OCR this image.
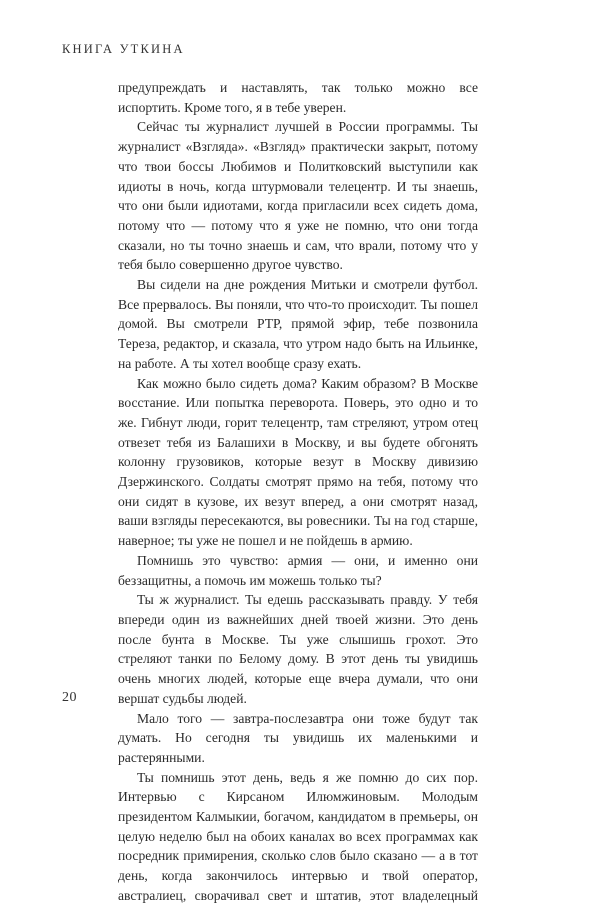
КНИГА УТКИНА

предупреждать и наставлять, так только можно все испортить. Кроме того, я в тебе уверен.

Сейчас ты журналист лучшей в России программы. Ты журналист «Взгляда». «Взгляд» практически закрыт, потому что твои боссы Любимов и Политковский выступили как идиоты в ночь, когда штурмовали телецентр. И ты знаешь, что они были идиотами, когда пригласили всех сидеть дома, потому что — потому что я уже не помню, что они тогда сказали, но ты точно знаешь и сам, что врали, потому что у тебя было совершенно другое чувство.

Вы сидели на дне рождения Митьки и смотрели футбол. Все прервалось. Вы поняли, что что-то происходит. Ты пошел домой. Вы смотрели РТР, прямой эфир, тебе позвонила Тереза, редактор, и сказала, что утром надо быть на Ильинке, на работе. А ты хотел вообще сразу ехать.

Как можно было сидеть дома? Каким образом? В Москве восстание. Или попытка переворота. Поверь, это одно и то же. Гибнут люди, горит телецентр, там стреляют, утром отец отвезет тебя из Балашихи в Москву, и вы будете обгонять колонну грузовиков, которые везут в Москву дивизию Дзержинского. Солдаты смотрят прямо на тебя, потому что они сидят в кузове, их везут вперед, а они смотрят назад, ваши взгляды пересекаются, вы ровесники. Ты на год старше, наверное; ты уже не пошел и не пойдешь в армию.

Помнишь это чувство: армия — они, и именно они беззащитны, а помочь им можешь только ты?

Ты ж журналист. Ты едешь рассказывать правду. У тебя впереди один из важнейших дней твоей жизни. Это день после бунта в Москве. Ты уже слышишь грохот. Это стреляют танки по Белому дому. В этот день ты увидишь очень многих людей, которые еще вчера думали, что они вершат судьбы людей.

Мало того — завтра-послезавтра они тоже будут так думать. Но сегодня ты увидишь их маленькими и растерянными.

Ты помнишь этот день, ведь я же помню до сих пор. Интервью с Кирсаном Илюмжиновым. Молодым президентом Калмыкии, богачом, кандидатом в премьеры, он целую неделю был на обоих каналах во всех программах как посредник примирения, сколько слов было сказано — а в тот день, когда закончилось интервью и твой оператор, австралиец, сворачивал свет и штатив, этот владелецный

20
